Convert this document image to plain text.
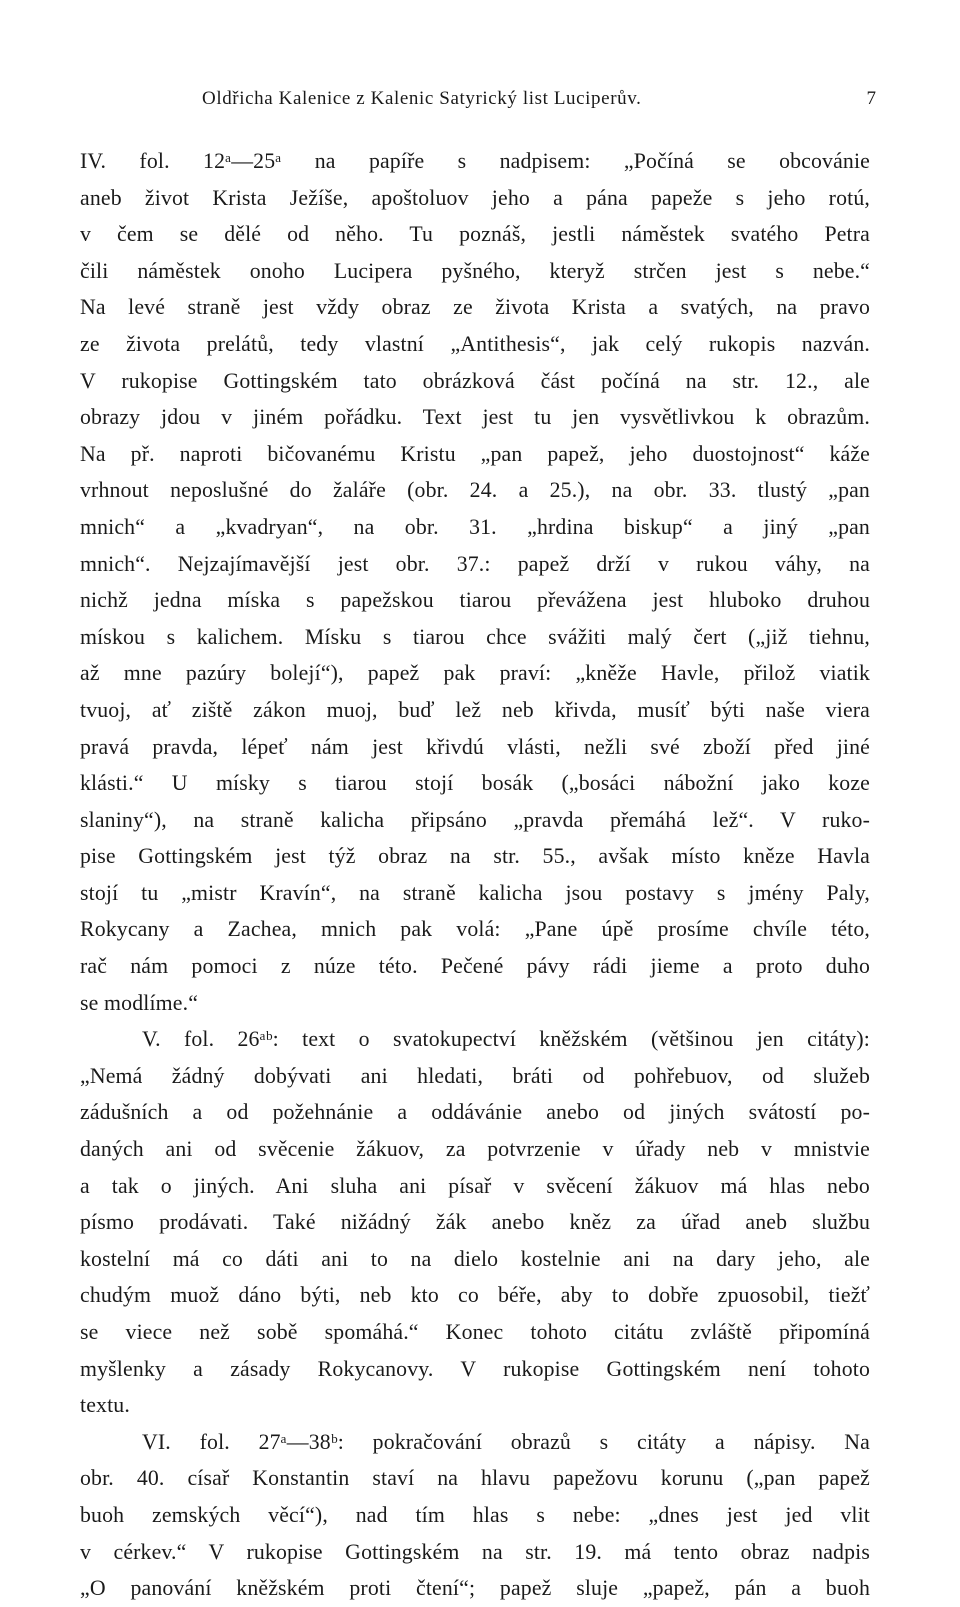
Oldřicha Kalenice z Kalenic Satyrický list Luciperův.	7
IV. fol. 12ᵃ—25ᵃ na papíře s nadpisem: „Počíná se obcovánie
aneb život Krista Ježíše, apoštoluov jeho a pána papeže s jeho rotú,
v čem se dělé od něho. Tu poznáš, jestli náměstek svatého Petra
čili náměstek onoho Lucipera pyšného, kteryž strčen jest s nebe.“
Na levé straně jest vždy obraz ze života Krista a svatých, na pravo
ze života prelátů, tedy vlastní „Antithesis“, jak celý rukopis nazván.
V rukopise Gottingském tato obrázková část počíná na str. 12., ale
obrazy jdou v jiném pořádku. Text jest tu jen vysvětlivkou k obrazům.
Na př. naproti bičovanému Kristu „pan papež, jeho duostojnost“ káže
vrhnout neposlušné do žaláře (obr. 24. a 25.), na obr. 33. tlustý „pan
mnich“ a „kvadryan“, na obr. 31. „hrdina biskup“ a jiný „pan
mnich“. Nejzajímavější jest obr. 37.: papež drží v rukou váhy, na
nichž jedna míska s papežskou tiarou převážena jest hluboko druhou
mískou s kalichem. Mísku s tiarou chce svážiti malý čert („již tiehnu,
až mne pazúry bolejí“), papež pak praví: „kněže Havle, přilož viatik
tvuoj, ať ziště zákon muoj, buď lež neb křivda, musíť býti naše viera
pravá pravda, lépeť nám jest křivdú vlásti, nežli své zboží před jiné
klásti.“ U mísky s tiarou stojí bosák („bosáci nábožní jako koze
slaniny“), na straně kalicha připsáno „pravda přemáhá lež“. V ruko-
pise Gottingském jest týž obraz na str. 55., avšak místo kněze Havla
stojí tu „mistr Kravín“, na straně kalicha jsou postavy s jmény Paly,
Rokycany a Zachea, mnich pak volá: „Pane úpě prosíme chvíle této,
rač nám pomoci z núze této. Pečené pávy rádi jieme a proto duho
se modlíme.“
V. fol. 26ᵃᵇ: text o svatokupectví kněžském (většinou jen citáty):
„Nemá žádný dobývati ani hledati, bráti od pohřebuov, od služeb
zádušních a od požehnánie a oddávánie anebo od jiných svátostí po-
daných ani od svěcenie žákuov, za potvrzenie v úřady neb v mnistvie
a tak o jiných. Ani sluha ani písař v svěcení žákuov má hlas nebo
písmo prodávati. Také nižádný žák anebo kněz za úřad aneb službu
kostelní má co dáti ani to na dielo kostelnie ani na dary jeho, ale
chudým muož dáno býti, neb kto co béře, aby to dobře zpuosobil, tiežť
se viece než sobě spomáhá.“ Konec tohoto citátu zvláště připomíná
myšlenky a zásady Rokycanovy. V rukopise Gottingském není tohoto
textu.
VI. fol. 27ᵃ—38ᵇ: pokračování obrazů s citáty a nápisy. Na
obr. 40. císař Konstantin staví na hlavu papežovu korunu („pan papež
buoh zemských věcí“), nad tím hlas s nebe: „dnes jest jed vlit
v cérkev.“ V rukopise Gottingském na str. 19. má tento obraz nadpis
„O panování kněžském proti čtení“; papež sluje „papež, pán a buoh
